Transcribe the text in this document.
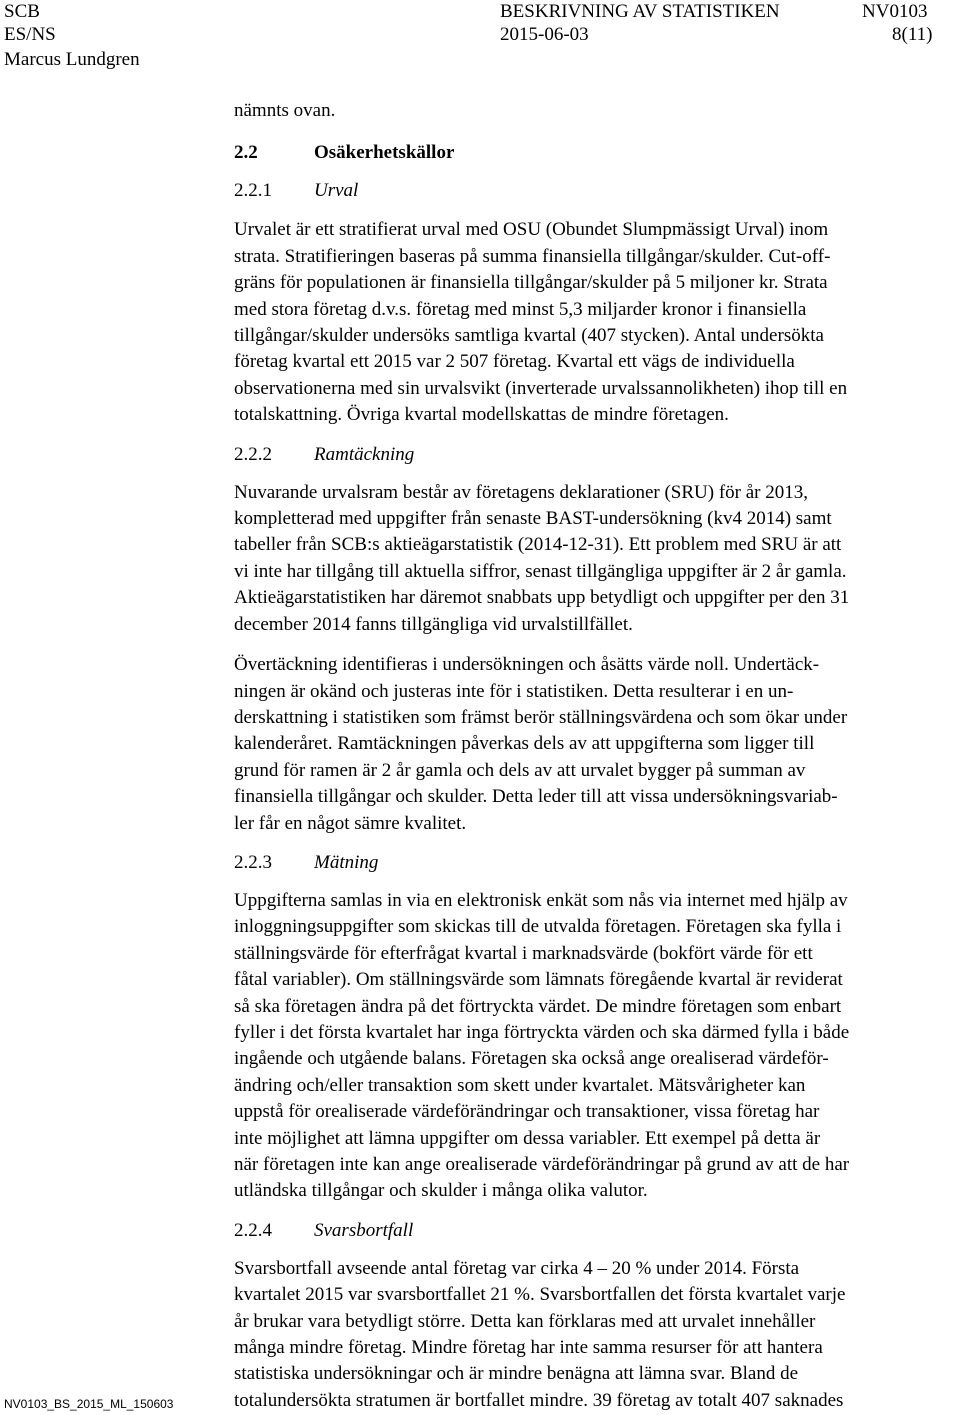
SCB
ES/NS
Marcus Lundgren
BESKRIVNING AV STATISTIKEN
2015-06-03
NV0103
8(11)

nämnts ovan.

2.2	Osäkerhetskällor
2.2.1 Urval

Urvalet är ett stratifierat urval med OSU (Obundet Slumpmässigt Urval) inom

strata. Stratifieringen baseras på summa finansiella tillgångar/skulder. Cut-off-

gräns för populationen är finansiella tillgångar/skulder på 5 miljoner kr. Strata

med stora företag d.v.s. företag med minst 5,3 miljarder kronor i finansiella

tillgångar/skulder undersöks samtliga kvartal (407 stycken). Antal undersökta

företag kvartal ett 2015 var 2 507 företag. Kvartal ett vägs de individuella

observationerna med sin urvalsvikt (inverterade urvalssannolikheten) ihop till en

totalskattning. Övriga kvartal modellskattas de mindre företagen.

2.2.2 Ramtäckning

Nuvarande urvalsram består av företagens deklarationer (SRU) för år 2013,

kompletterad med uppgifter från senaste BAST-undersökning (kv4 2014) samt

tabeller från SCB:s aktieägarstatistik (2014-12-31). Ett problem med SRU är att

vi inte har tillgång till aktuella siffror, senast tillgängliga uppgifter är 2 år gamla.

Aktieägarstatistiken har däremot snabbats upp betydligt och uppgifter per den 31

december 2014 fanns tillgängliga vid urvalstillfället.

Övertäckning identifieras i undersökningen och åsätts värde noll. Undertäck-

ningen är okänd och justeras inte för i statistiken. Detta resulterar i en un-

derskattning i statistiken som främst berör ställningsvärdena och som ökar under

kalenderåret. Ramtäckningen påverkas dels av att uppgifterna som ligger till

grund för ramen är 2 år gamla och dels av att urvalet bygger på summan av

finansiella tillgångar och skulder. Detta leder till att vissa undersökningsvariab-

ler får en något sämre kvalitet.

2.2.3 Mätning

Uppgifterna samlas in via en elektronisk enkät som nås via internet med hjälp av

inloggningsuppgifter som skickas till de utvalda företagen. Företagen ska fylla i

ställningsvärde för efterfrågat kvartal i marknadsvärde (bokfört värde för ett

fåtal variabler). Om ställningsvärde som lämnats föregående kvartal är reviderat

så ska företagen ändra på det förtryckta värdet. De mindre företagen som enbart

fyller i det första kvartalet har inga förtryckta värden och ska därmed fylla i både

ingående och utgående balans. Företagen ska också ange orealiserad värdeför-

ändring och/eller transaktion som skett under kvartalet. Mätsvårigheter kan

uppstå för orealiserade värdeförändringar och transaktioner, vissa företag har

inte möjlighet att lämna uppgifter om dessa variabler. Ett exempel på detta är

när företagen inte kan ange orealiserade värdeförändringar på grund av att de har

utländska tillgångar och skulder i många olika valutor.

2.2.4 Svarsbortfall

Svarsbortfall avseende antal företag var cirka 4 – 20 % under 2014. Första

kvartalet 2015 var svarsbortfallet 21 %. Svarsbortfallen det första kvartalet varje

år brukar vara betydligt större. Detta kan förklaras med att urvalet innehåller

många mindre företag. Mindre företag har inte samma resurser för att hantera

statistiska undersökningar och är mindre benägna att lämna svar. Bland de

totalundersökta stratumen är bortfallet mindre. 39 företag av totalt 407 saknades

NV0103_BS_2015_ML_150603
